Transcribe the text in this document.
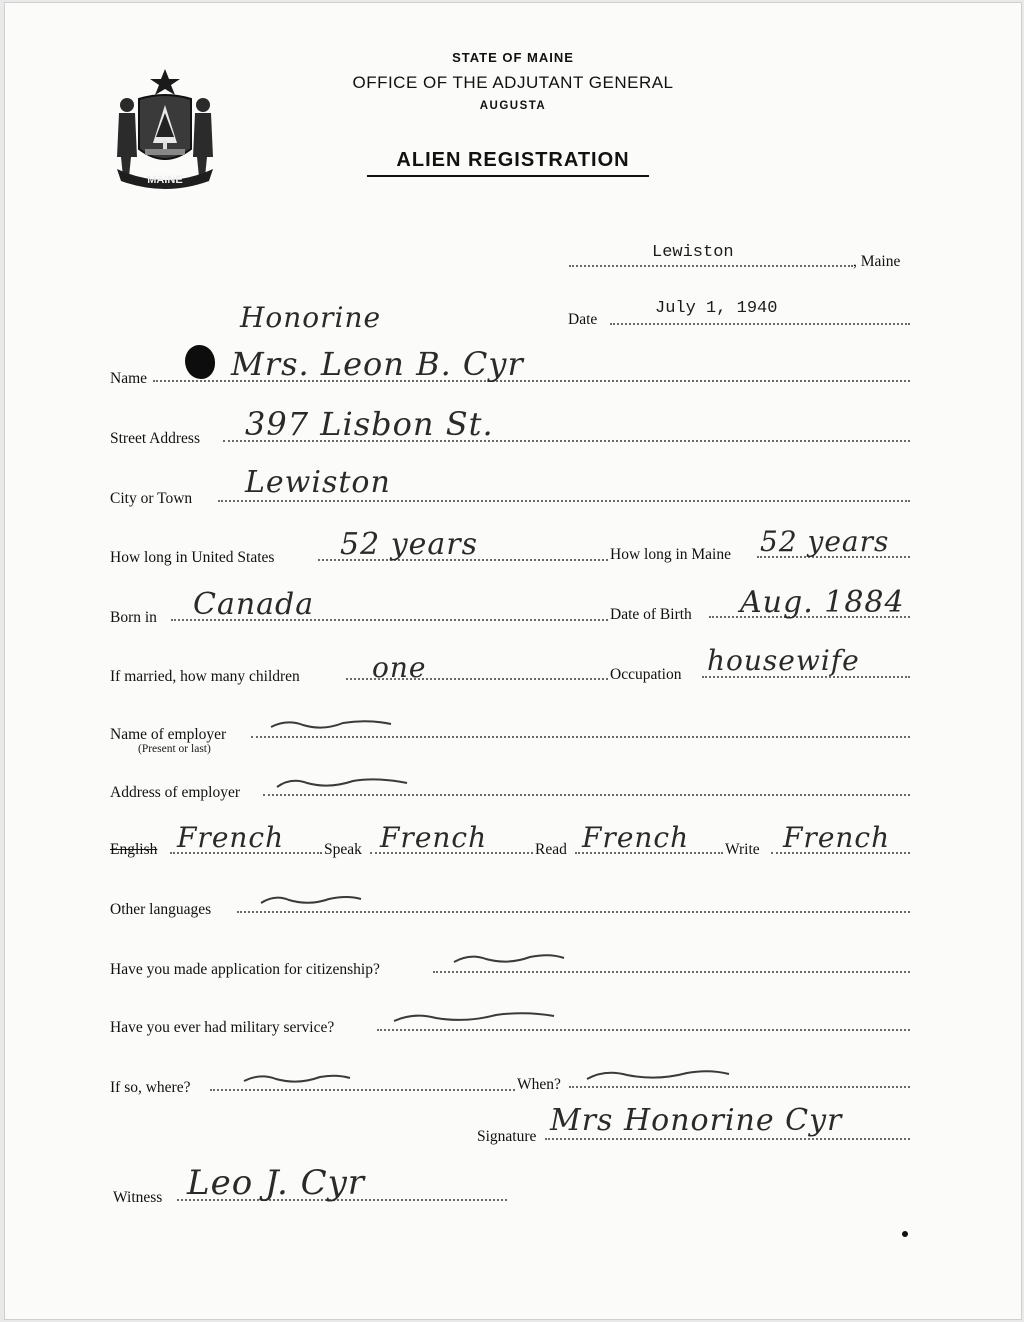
MAINE
STATE OF MAINE
OFFICE OF THE ADJUTANT GENERAL
AUGUSTA
ALIEN REGISTRATION
Lewiston	, Maine
Date
July 1, 1940
Honorine
Name	Mrs. Leon B. Cyr
Street Address 397 Lisbon St.
City or Town Lewiston
How long in United States 52 years	How long in Maine 52 years
Born in Canada	Date of Birth Aug. 1884
If married, how many children	one	Occupation housewife
Name of employer
(Present or last)
Address of employer
English French	Speak French	Read French Write French
Other languages
Have you made application for citizenship?
Have you ever had military service?
If so, where?	When?
Signature Mrs Honorine Cyr
Witness Leo J. Cyr
